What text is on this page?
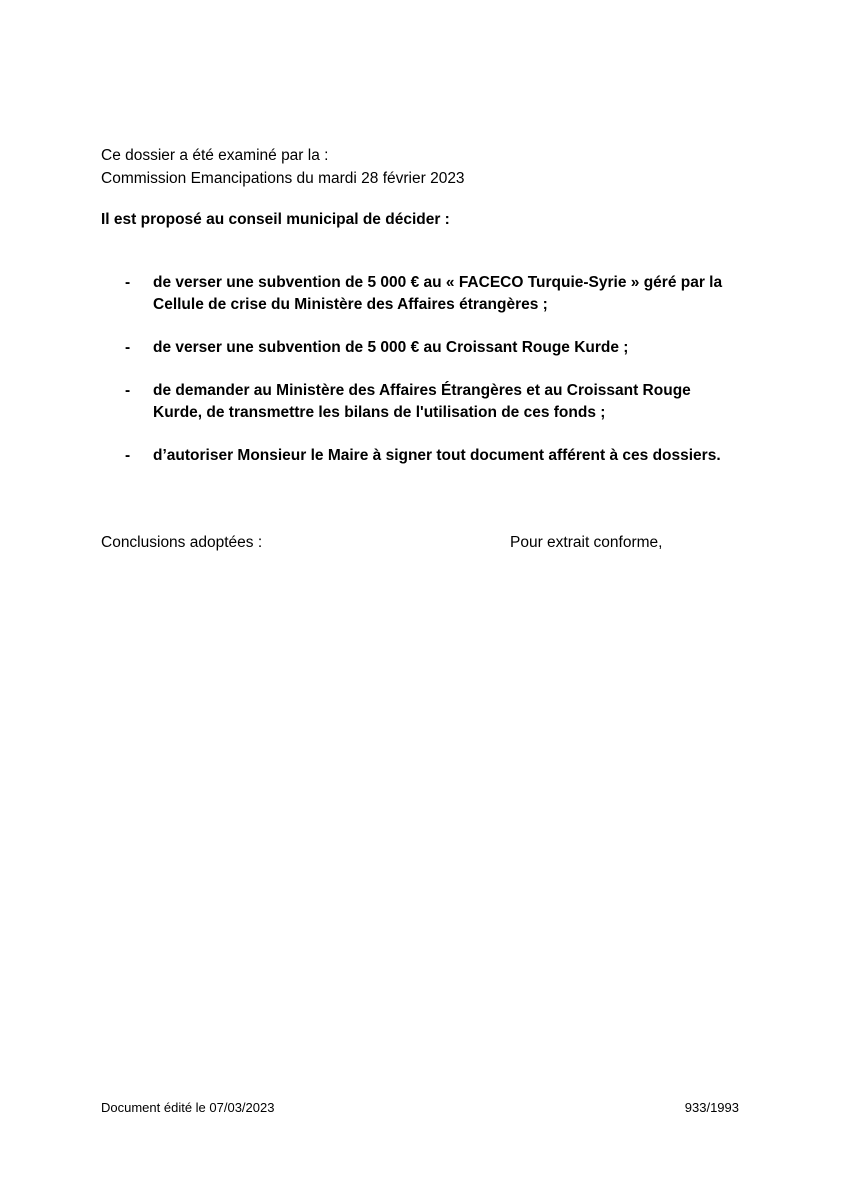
Ce dossier a été examiné par la :
Commission Emancipations du mardi 28 février 2023
Il est proposé au conseil municipal de décider :
- de verser une subvention de 5 000 € au « FACECO Turquie-Syrie » géré par la
Cellule de crise du Ministère des Affaires étrangères ;
- de verser une subvention de 5 000 € au Croissant Rouge Kurde ;
- de demander au Ministère des Affaires Étrangères et au Croissant Rouge
Kurde, de transmettre les bilans de l'utilisation de ces fonds ;
- d’autoriser Monsieur le Maire à signer tout document afférent à ces dossiers.
Conclusions adoptées :	Pour extrait conforme,
Document édité le 07/03/2023	933/1993
